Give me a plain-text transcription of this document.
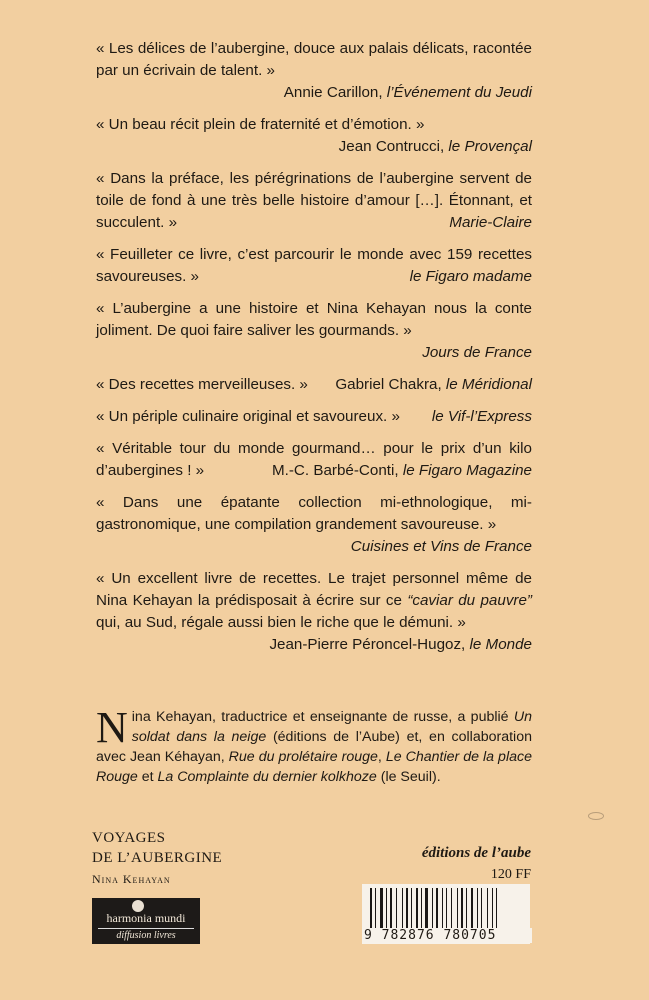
« Les délices de l’aubergine, douce aux palais délicats, racontée par un écrivain de talent. »
Annie Carillon, l’Événement du Jeudi
« Un beau récit plein de fraternité et d’émotion. »
Jean Contrucci, le Provençal
« Dans la préface, les pérégrinations de l’aubergine servent de toile de fond à une très belle histoire d’amour […]. Étonnant, et succulent. »	Marie-Claire
« Feuilleter ce livre, c’est parcourir le monde avec 159 recettes savoureuses. »	le Figaro madame
« L’aubergine a une histoire et Nina Kehayan nous la conte joliment. De quoi faire saliver les gourmands. »
Jours de France
« Des recettes merveilleuses. » Gabriel Chakra, le Méridional
« Un périple culinaire original et savoureux. » le Vif-l’Express
« Véritable tour du monde gourmand… pour le prix d’un kilo d’aubergines ! »	M.-C. Barbé-Conti, le Figaro Magazine
« Dans une épatante collection mi-ethnologique, mi-gastronomique, une compilation grandement savoureuse. »
Cuisines et Vins de France
« Un excellent livre de recettes. Le trajet personnel même de Nina Kehayan la prédisposait à écrire sur ce “caviar du pauvre” qui, au Sud, régale aussi bien le riche que le démuni. »
Jean-Pierre Péroncel-Hugoz, le Monde
Nina Kehayan, traductrice et enseignante de russe, a publié Un soldat dans la neige (éditions de l’Aube) et, en collaboration avec Jean Kéhayan, Rue du prolétaire rouge, Le Chantier de la place Rouge et La Complainte du dernier kolkhoze (le Seuil).
VOYAGES
DE L’AUBERGINE
Nina Kehayan
harmonia mundi
diffusion livres
éditions de l’aube
120 FF
9 782876 780705
